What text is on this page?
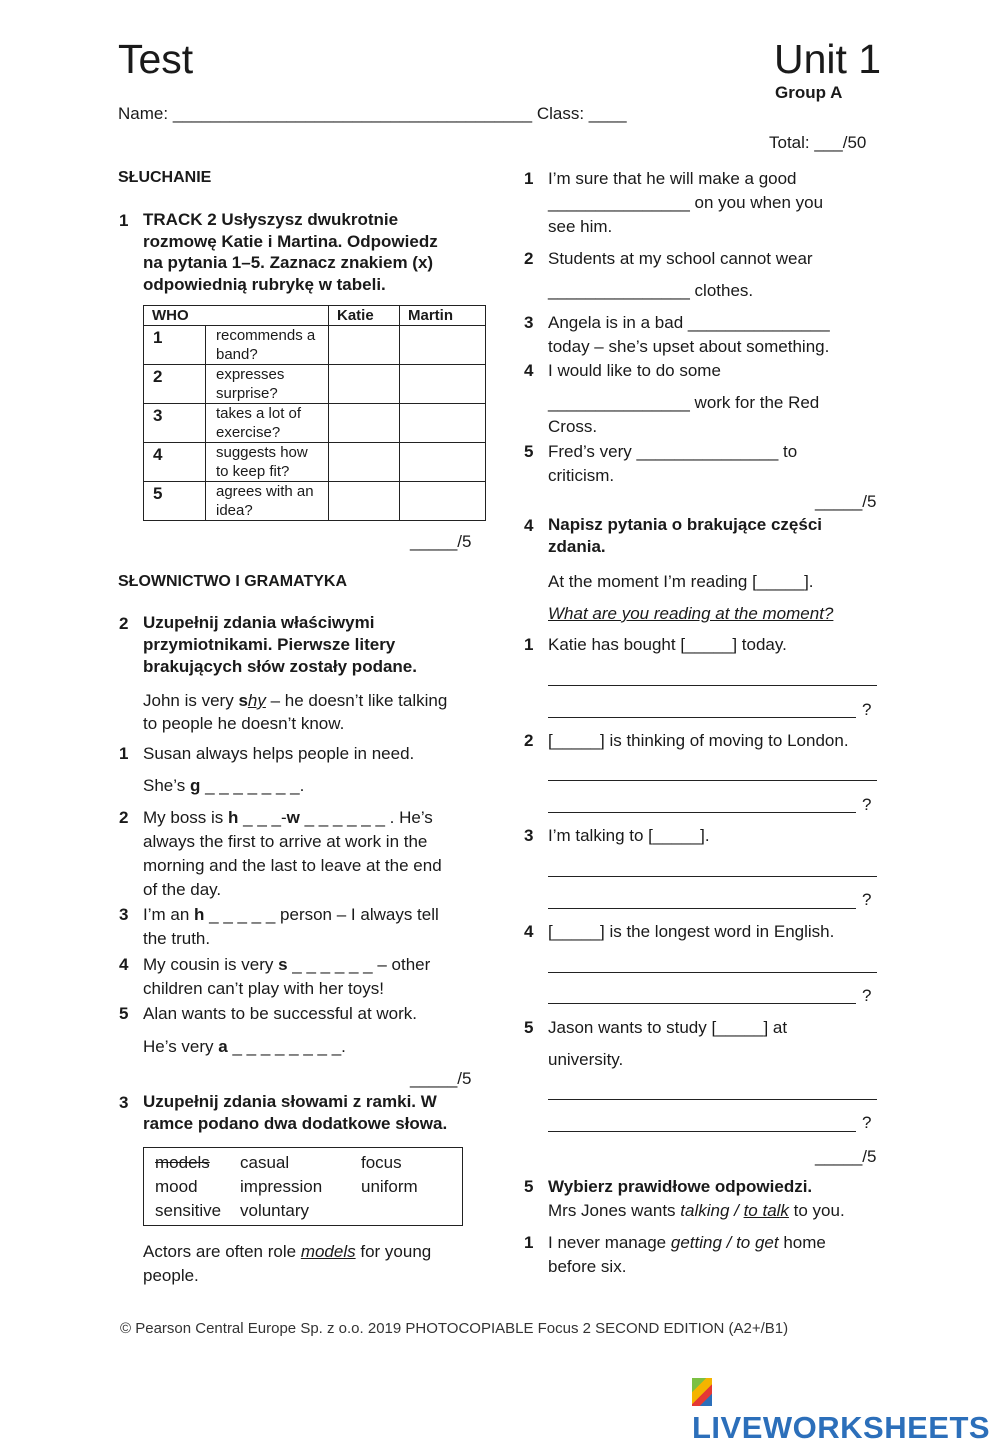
Test	Unit 1
Group A
Name: ______________________________________ Class: ____
Total: ___/50
SŁUCHANIE
1 TRACK 2 Usłyszysz dwukrotnie
rozmowę Katie i Martina. Odpowiedz
na pytania 1–5. Zaznacz znakiem (x)
odpowiednią rubrykę w tabeli.
WHO		Katie	Martin
1	recommends a
band?		
2	expresses
surprise?		
3	takes a lot of
exercise?		
4	suggests how
to keep fit?		
5	agrees with an
idea?		
_____/5
SŁOWNICTWO I GRAMATYKA
2 Uzupełnij zdania właściwymi
przymiotnikami. Pierwsze litery
brakujących słów zostały podane.
John is very shy – he doesn’t like talking
to people he doesn’t know.
1 Susan always helps people in need.
She’s g _ _ _ _ _ _ _.
2 My boss is h _ _ _-w _ _ _ _ _ _ . He’s
always the first to arrive at work in the
morning and the last to leave at the end
of the day.
3 I’m an h _ _ _ _ _ person – I always tell
the truth.
4 My cousin is very s _ _ _ _ _ _ – other
children can’t play with her toys!
5 Alan wants to be successful at work.
He’s very a _ _ _ _ _ _ _ _.
_____/5
3 Uzupełnij zdania słowami z ramki. W
ramce podano dwa dodatkowe słowa.
models casual	focus
mood impression uniform
sensitive voluntary
Actors are often role models for young
people.
1 I’m sure that he will make a good
_______________ on you when you
see him.
2 Students at my school cannot wear
_______________ clothes.
3 Angela is in a bad _______________
today – she’s upset about something.
4 I would like to do some
_______________ work for the Red
Cross.
5 Fred’s very _______________ to
criticism.
_____/5
4 Napisz pytania o brakujące części
zdania.
At the moment I’m reading [_____].
What are you reading at the moment?
1 Katie has bought [_____] today.
?
2 [_____] is thinking of moving to London.
?
3 I’m talking to [_____].
?
4 [_____] is the longest word in English.
?
5 Jason wants to study [_____] at
university.
?
_____/5
5 Wybierz prawidłowe odpowiedzi.
Mrs Jones wants talking / to talk to you.
1 I never manage getting / to get home
before six.
© Pearson Central Europe Sp. z o.o. 2019 PHOTOCOPIABLE Focus 2 SECOND EDITION (A2+/B1)
LIVEWORKSHEETS
